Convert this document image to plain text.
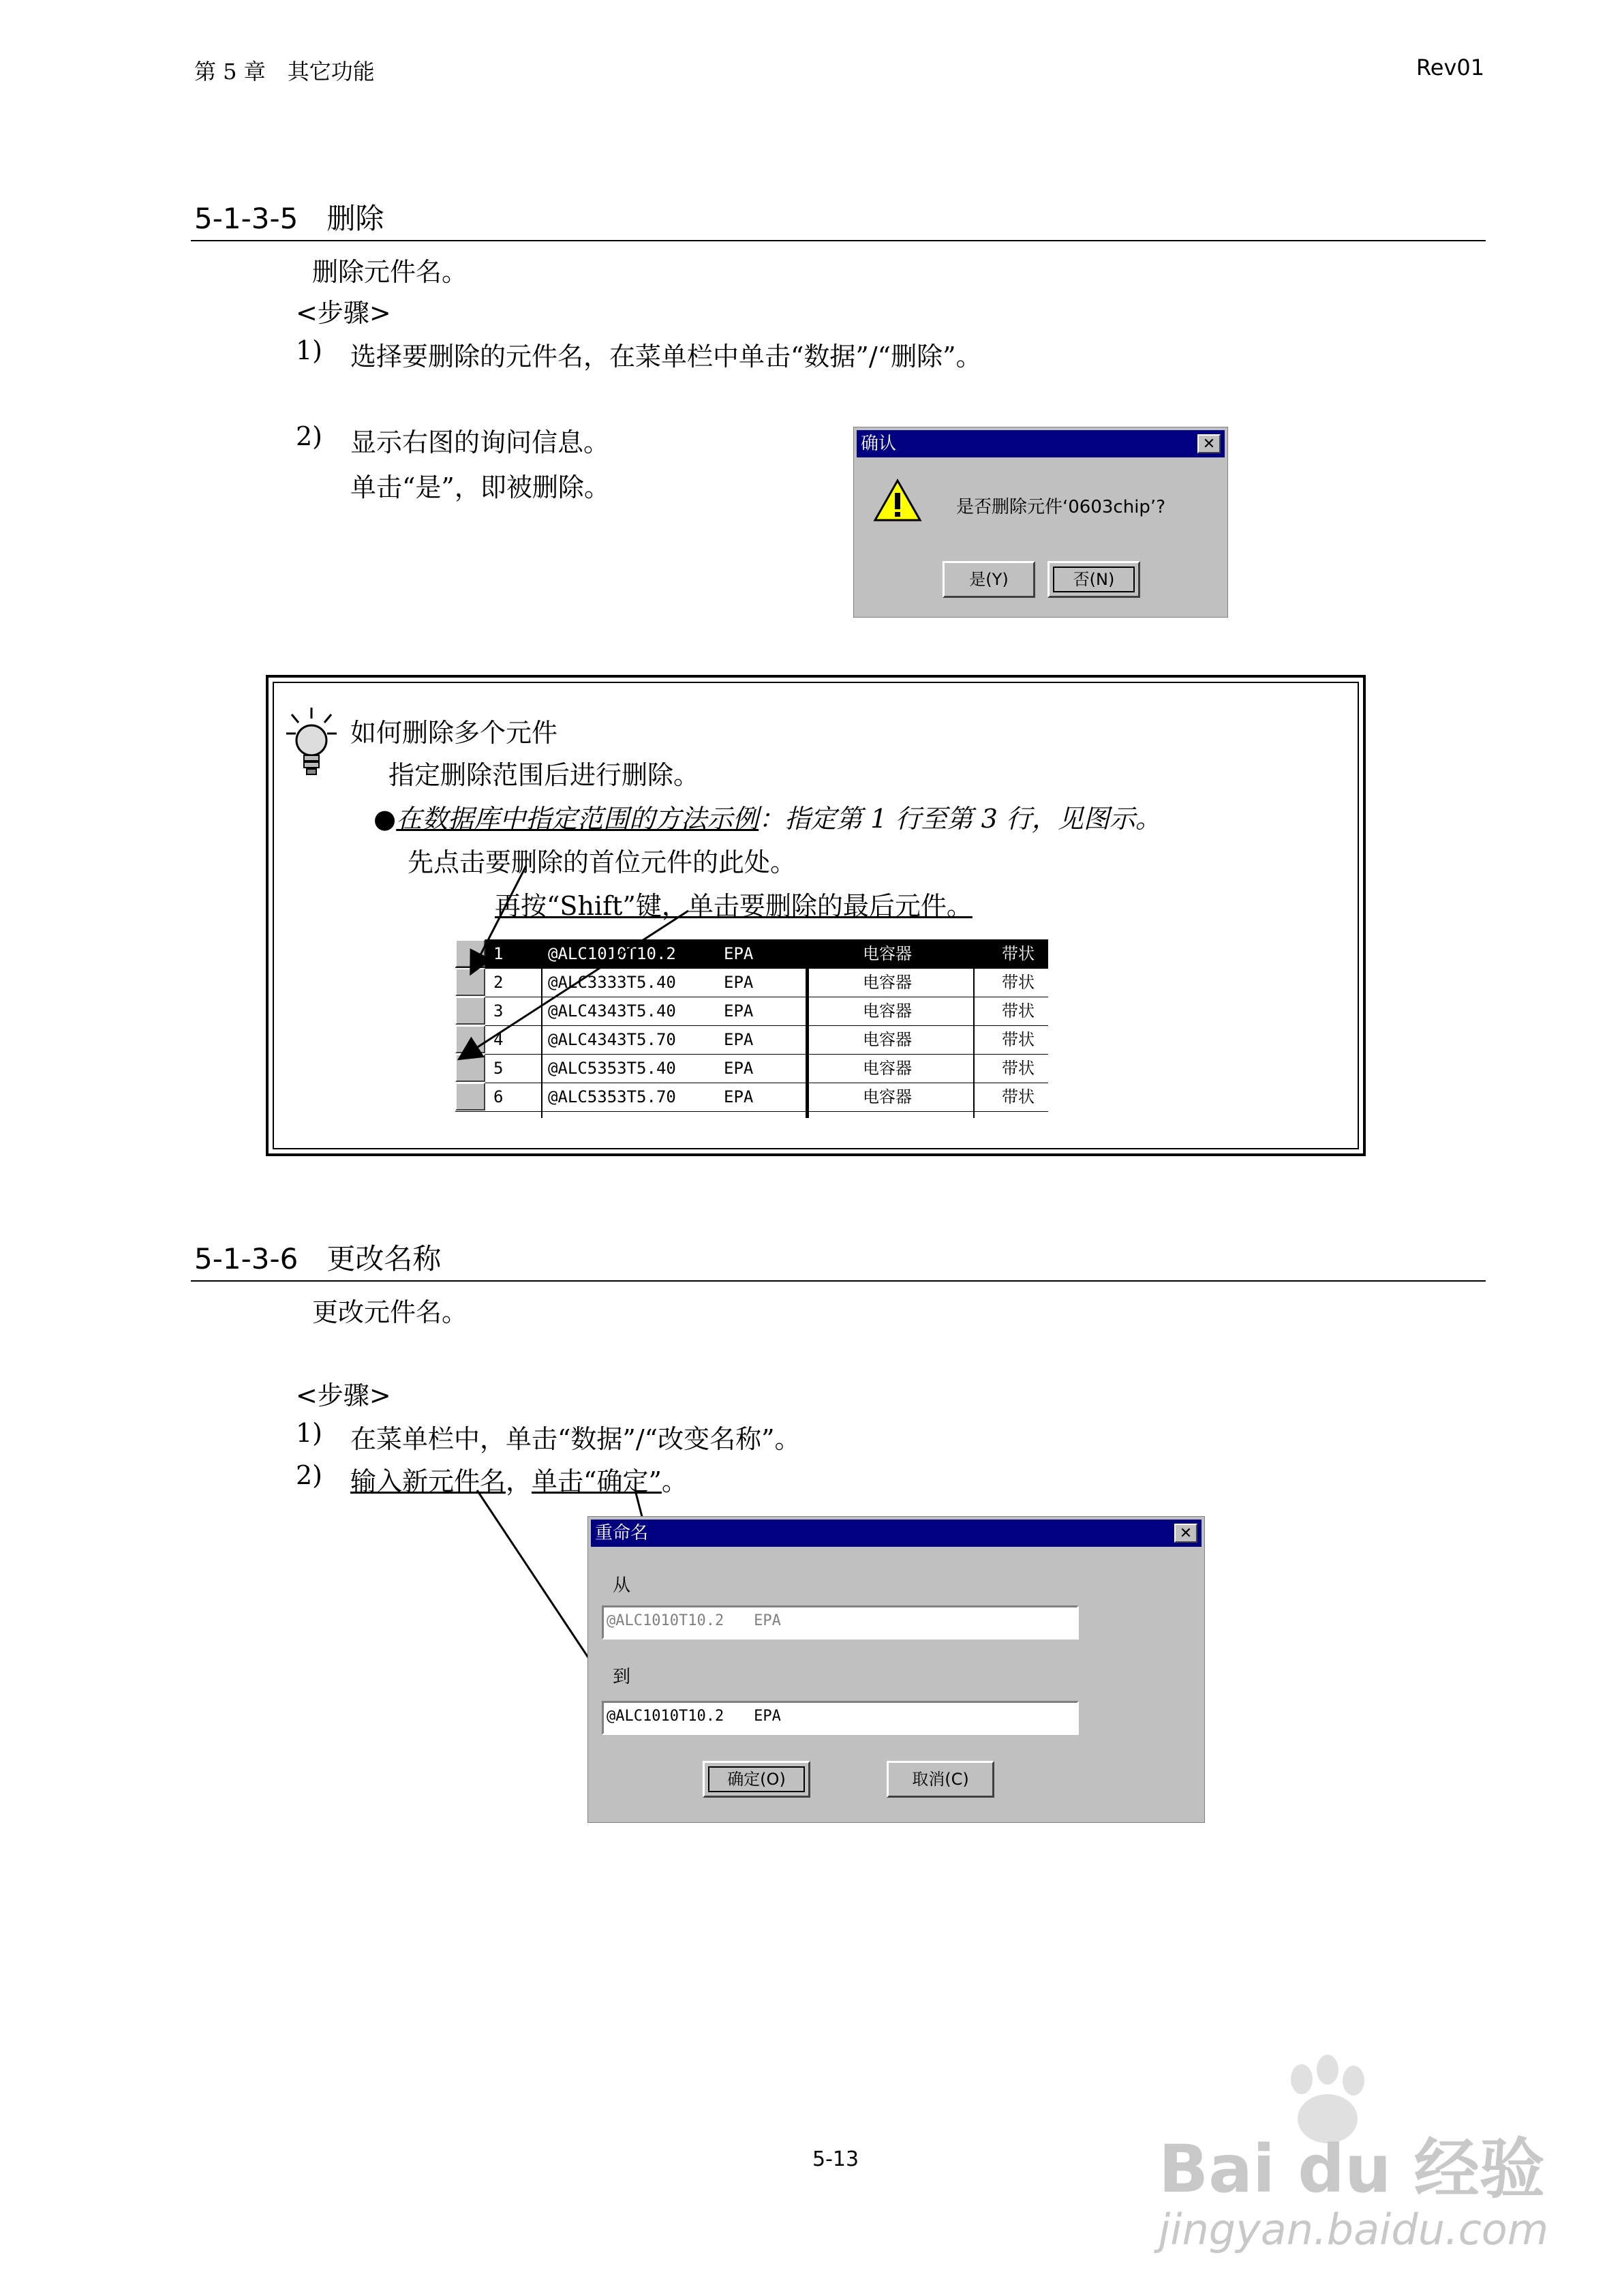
第 5 章　其它功能	Rev01
5-1-3-5　删除
删除元件名。
<步骤>
1) 选择要删除的元件名，在菜单栏中单击“数据”/“删除”。
2) 显示右图的询问信息。
单击“是”，即被删除。
确认	✕
是否删除元件‘0603chip’?
是(Y)	否(N)
如何删除多个元件
指定删除范围后进行删除。
●在数据库中指定范围的方法示例：指定第 1 行至第 3 行，见图示。
先点击要删除的首位元件的此处。
再按“Shift”键，单击要删除的最后元件。
1	@ALC1010T10.2	EPA	电容器	带状
2	@ALC3333T5.40	EPA	电容器	带状
3	@ALC4343T5.40	EPA	电容器	带状
4	@ALC4343T5.70	EPA	电容器	带状
5	@ALC5353T5.40	EPA	电容器	带状
6	@ALC5353T5.70	EPA	电容器	带状
5-1-3-6　更改名称
更改元件名。
<步骤>
1) 在菜单栏中，单击“数据”/“改变名称”。
2) 输入新元件名，单击“确定”。
重命名	✕
从
@ALC1010T10.2　　EPA
到
@ALC1010T10.2　　EPA
确定(O)	取消(C)
5-13	Bai du 经验
jingyan.baidu.com
